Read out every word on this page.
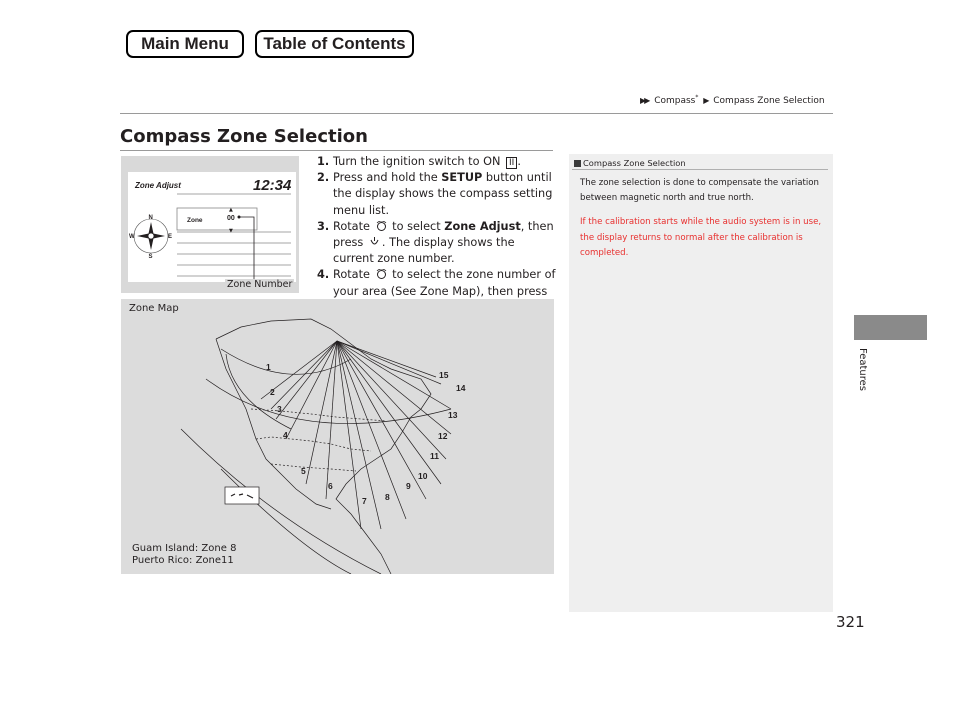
Main Menu	Table of Contents
▶▶ Compass* ▶ Compass Zone Selection
Compass Zone Selection
Features
Zone Adjust	12:34
Zone	00
▲
▼
N
S
W	E
Zone Number
1. Turn the ignition switch to ON II .
2. Press and hold the SETUP button until the display shows the compass setting menu list.
3. Rotate  to select Zone Adjust, then press . The display shows the current zone number.
4. Rotate  to select the zone number of your area (See Zone Map), then press
Compass Zone Selection
The zone selection is done to compensate the variation between magnetic north and true north.
If the calibration starts while the audio system is in use, the display returns to normal after the calibration is completed.
Zone Map
1
2
3
4
5
6
7 8
9
10
11
12
13
14
15
Guam Island: Zone 8
Puerto Rico: Zone11
321
